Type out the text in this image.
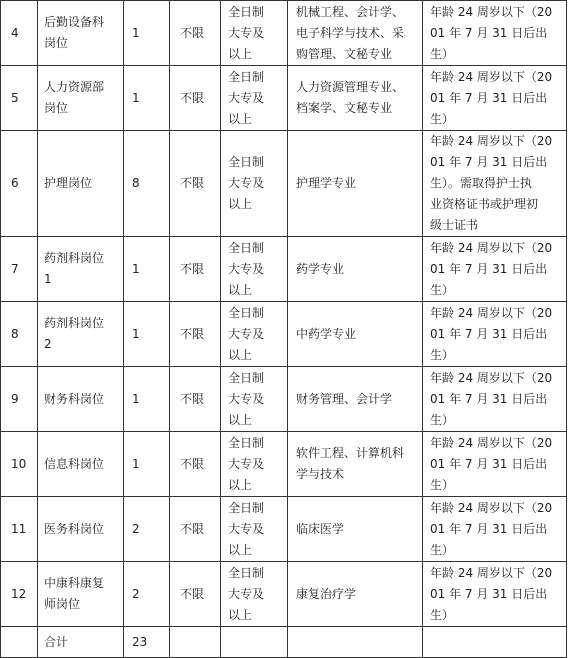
4	后勤设备科
岗位	1	不限	全日制
大专及
以上	机械工程、会计学、
电子科学与技术、采
购管理、文秘专业	年龄 24 周岁以下（20
01 年 7 月 31 日后出生）
5	人力资源部
岗位	1	不限	全日制
大专及
以上	人力资源管理专业、
档案学、文秘专业	年龄 24 周岁以下（20
01 年 7 月 31 日后出生）
6	护理岗位	8	不限	全日制
大专及
以上	护理学专业	年龄 24 周岁以下（20
01 年 7 月 31 日后出
生）。需取得护士执
业资格证书或护理初
级士证书
7	药剂科岗位
1	1	不限	全日制
大专及
以上	药学专业	年龄 24 周岁以下（20
01 年 7 月 31 日后出生）
8	药剂科岗位
2	1	不限	全日制
大专及
以上	中药学专业	年龄 24 周岁以下（20
01 年 7 月 31 日后出生）
9	财务科岗位	1	不限	全日制
大专及
以上	财务管理、会计学	年龄 24 周岁以下（20
01 年 7 月 31 日后出生）
10	信息科岗位	1	不限	全日制
大专及
以上	软件工程、计算机科
学与技术	年龄 24 周岁以下（20
01 年 7 月 31 日后出生）
11	医务科岗位	2	不限	全日制
大专及
以上	临床医学	年龄 24 周岁以下（20
01 年 7 月 31 日后出生）
12	中康科康复
师岗位	2	不限	全日制
大专及
以上	康复治疗学	年龄 24 周岁以下（20
01 年 7 月 31 日后出生）
	合计	23				
